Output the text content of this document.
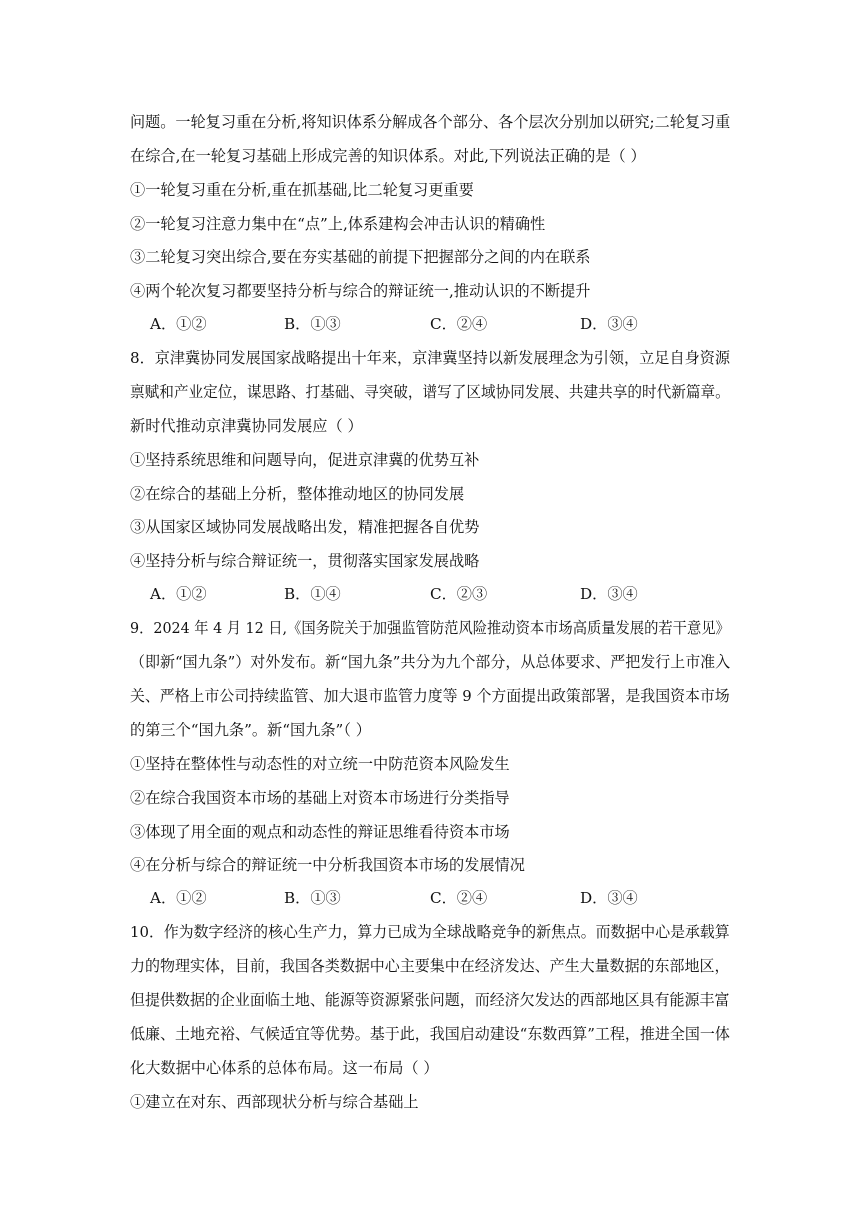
问题。一轮复习重在分析,将知识体系分解成各个部分、各个层次分别加以研究;二轮复习重
在综合,在一轮复习基础上形成完善的知识体系。对此,下列说法正确的是（ ）
①一轮复习重在分析,重在抓基础,比二轮复习更重要
②一轮复习注意力集中在“点”上,体系建构会冲击认识的精确性
③二轮复习突出综合,要在夯实基础的前提下把握部分之间的内在联系
④两个轮次复习都要坚持分析与综合的辩证统一,推动认识的不断提升
A．①②	B．①③	C．②④	D．③④
8．京津冀协同发展国家战略提出十年来，京津冀坚持以新发展理念为引领，立足自身资源
禀赋和产业定位，谋思路、打基础、寻突破，谱写了区域协同发展、共建共享的时代新篇章。
新时代推动京津冀协同发展应（ ）
①坚持系统思维和问题导向，促进京津冀的优势互补
②在综合的基础上分析，整体推动地区的协同发展
③从国家区域协同发展战略出发，精准把握各自优势
④坚持分析与综合辩证统一，贯彻落实国家发展战略
A．①②	B．①④	C．②③	D．③④
9．2024 年 4 月 12 日,《国务院关于加强监管防范风险推动资本市场高质量发展的若干意见》
（即新“国九条”）对外发布。新“国九条”共分为九个部分，从总体要求、严把发行上市准入
关、严格上市公司持续监管、加大退市监管力度等 9 个方面提出政策部署，是我国资本市场
的第三个“国九条”。新“国九条”（ ）
①坚持在整体性与动态性的对立统一中防范资本风险发生
②在综合我国资本市场的基础上对资本市场进行分类指导
③体现了用全面的观点和动态性的辩证思维看待资本市场
④在分析与综合的辩证统一中分析我国资本市场的发展情况
A．①②	B．①③	C．②④	D．③④
10．作为数字经济的核心生产力，算力已成为全球战略竞争的新焦点。而数据中心是承载算
力的物理实体，目前，我国各类数据中心主要集中在经济发达、产生大量数据的东部地区，
但提供数据的企业面临土地、能源等资源紧张问题，而经济欠发达的西部地区具有能源丰富
低廉、土地充裕、气候适宜等优势。基于此，我国启动建设“东数西算”工程，推进全国一体
化大数据中心体系的总体布局。这一布局（ ）
①建立在对东、西部现状分析与综合基础上
